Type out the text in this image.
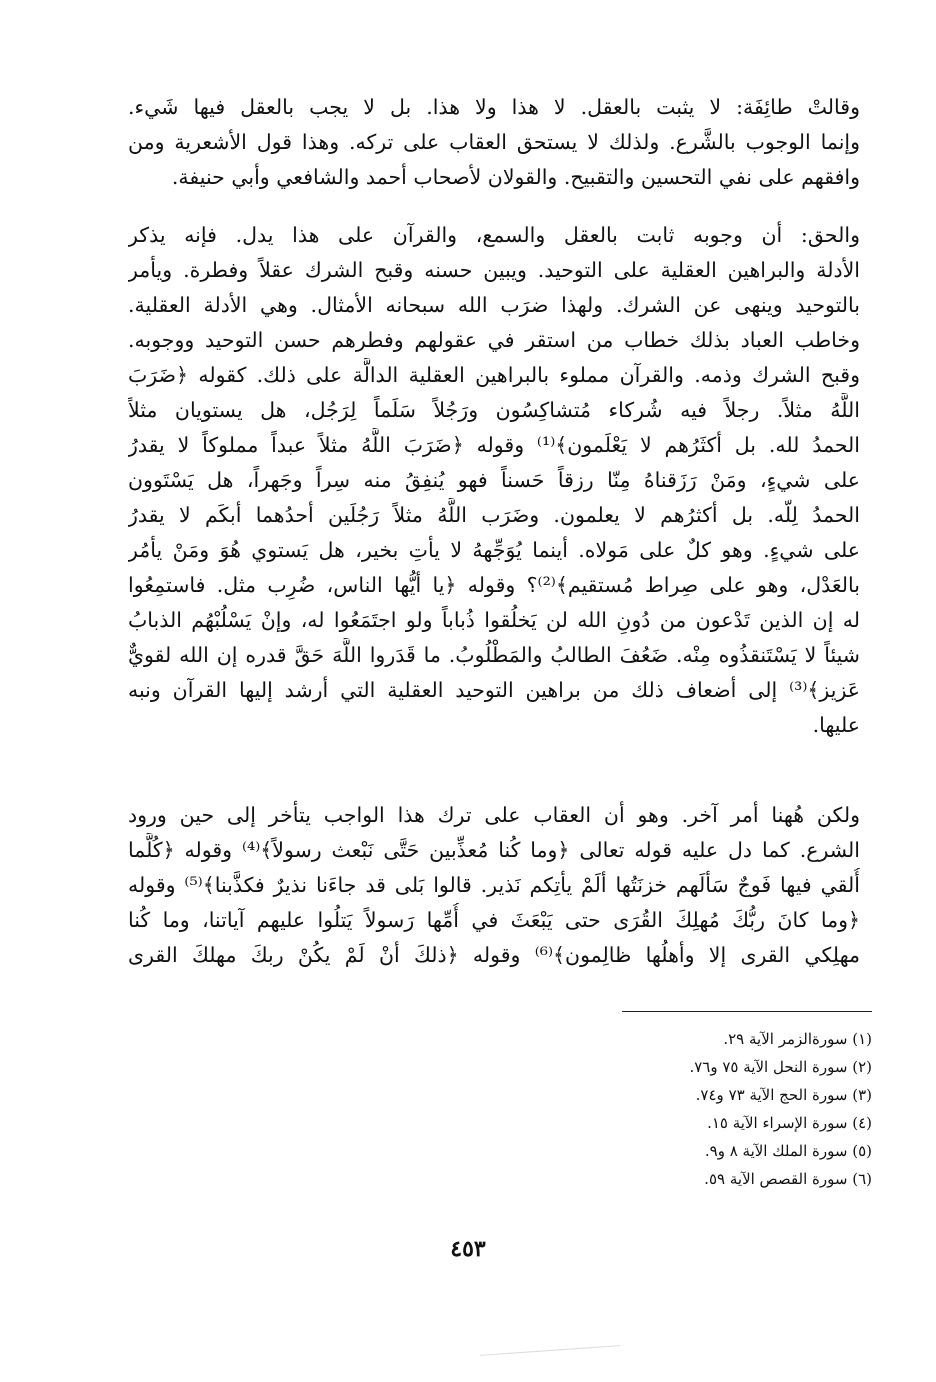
وقالتْ طائِفَة: لا يثبت بالعقل. لا هذا ولا هذا. بل لا يجب بالعقل فيها شَيء.
وإنما الوجوب بالشَّرع. ولذلك لا يستحق العقاب على تركه. وهذا قول الأشعرية ومن
وافقهم على نفي التحسين والتقبيح. والقولان لأصحاب أحمد والشافعي وأبي حنيفة.
والحق: أن وجوبه ثابت بالعقل والسمع، والقرآن على هذا يدل. فإنه يذكر
الأدلة والبراهين العقلية على التوحيد. ويبين حسنه وقبح الشرك عقلاً وفطرة. ويأمر
بالتوحيد وينهى عن الشرك. ولهذا ضرَب الله سبحانه الأمثال. وهي الأدلة العقلية.
وخاطب العباد بذلك خطاب من استقر في عقولهم وفطرهم حسن التوحيد ووجوبه.
وقبح الشرك وذمه. والقرآن مملوء بالبراهين العقلية الدالَّة على ذلك. كقوله ﴿ضَرَبَ
اللَّهُ مثلاً. رجلاً فيه شُركاء مُتشاكِسُون ورَجُلاً سَلَماً لِرَجُل، هل يستويان مثلاً
الحمدُ لله. بل أكثَرُهم لا يَعْلَمون﴾⁽¹⁾ وقوله ﴿ضَرَبَ اللَّهُ مثلاً عبداً مملوكاً لا يقدرُ
على شيءٍ، ومَنْ رَزَقناهُ مِنّا رزقاً حَسناً فهو يُنفِقُ منه سِراً وجَهراً، هل يَسْتَوون
الحمدُ لِلّه. بل أكثرُهم لا يعلمون. وضَرَب اللَّهُ مثلاً رَجُلَين أحدُهما أبكَم لا يقدرُ
على شيءٍ. وهو كلٌ على مَولاه. أينما يُوَجِّههُ لا يأتِ بخير، هل يَستوي هُوَ ومَنْ يأمُر
بالعَدْل، وهو على صِراط مُستقيم﴾⁽²⁾؟ وقوله ﴿يا أيُّها الناس، ضُرِب مثل. فاستمِعُوا
له إن الذين تَدْعون من دُونِ الله لن يَخلُقوا ذُباباً ولو اجتَمَعُوا له، وإنْ يَسْلُبْهُم الذبابُ
شيئاً لا يَسْتَنقذُوه مِنْه. ضَعُفَ الطالبُ والمَطْلُوبُ. ما قَدَروا اللَّهَ حَقَّ قدره إن الله لقويٌّ
عَزيز﴾⁽³⁾ إلى أضعاف ذلك من براهين التوحيد العقلية التي أرشد إليها القرآن ونبه
عليها.
ولكن هُهنا أمر آخر. وهو أن العقاب على ترك هذا الواجب يتأخر إلى حين ورود
الشرع. كما دل عليه قوله تعالى ﴿وما كُنا مُعذِّبين حَتَّى نَبْعث رسولاً﴾⁽⁴⁾ وقوله ﴿كُلَّما
أُلقي فيها فَوجٌ سَألَهم خزنَتُها ألَمْ يأتِكم نَذير. قالوا بَلى قد جاءَنا نذيرٌ فكذَّبنا﴾⁽⁵⁾ وقوله
﴿وما كانَ ربُّكَ مُهلِكَ القُرَى حتى يَبْعَثَ في أُمِّها رَسولاً يَتلُوا عليهم آياتنا، وما كُنا
مهلِكي القرى إلا وأهلُها ظالِمون﴾⁽⁶⁾ وقوله ﴿ذلكَ أنْ لَمْ يكُنْ ربكَ مهلكَ القرى
(١) سورةالزمر الآية ٢٩.
(٢) سورة النحل الآية ٧٥ و٧٦.
(٣) سورة الحج الآية ٧٣ و٧٤.
(٤) سورة الإسراء الآية ١٥.
(٥) سورة الملك الآية ٨ و٩.
(٦) سورة القصص الآية ٥٩.
٤٥٣
